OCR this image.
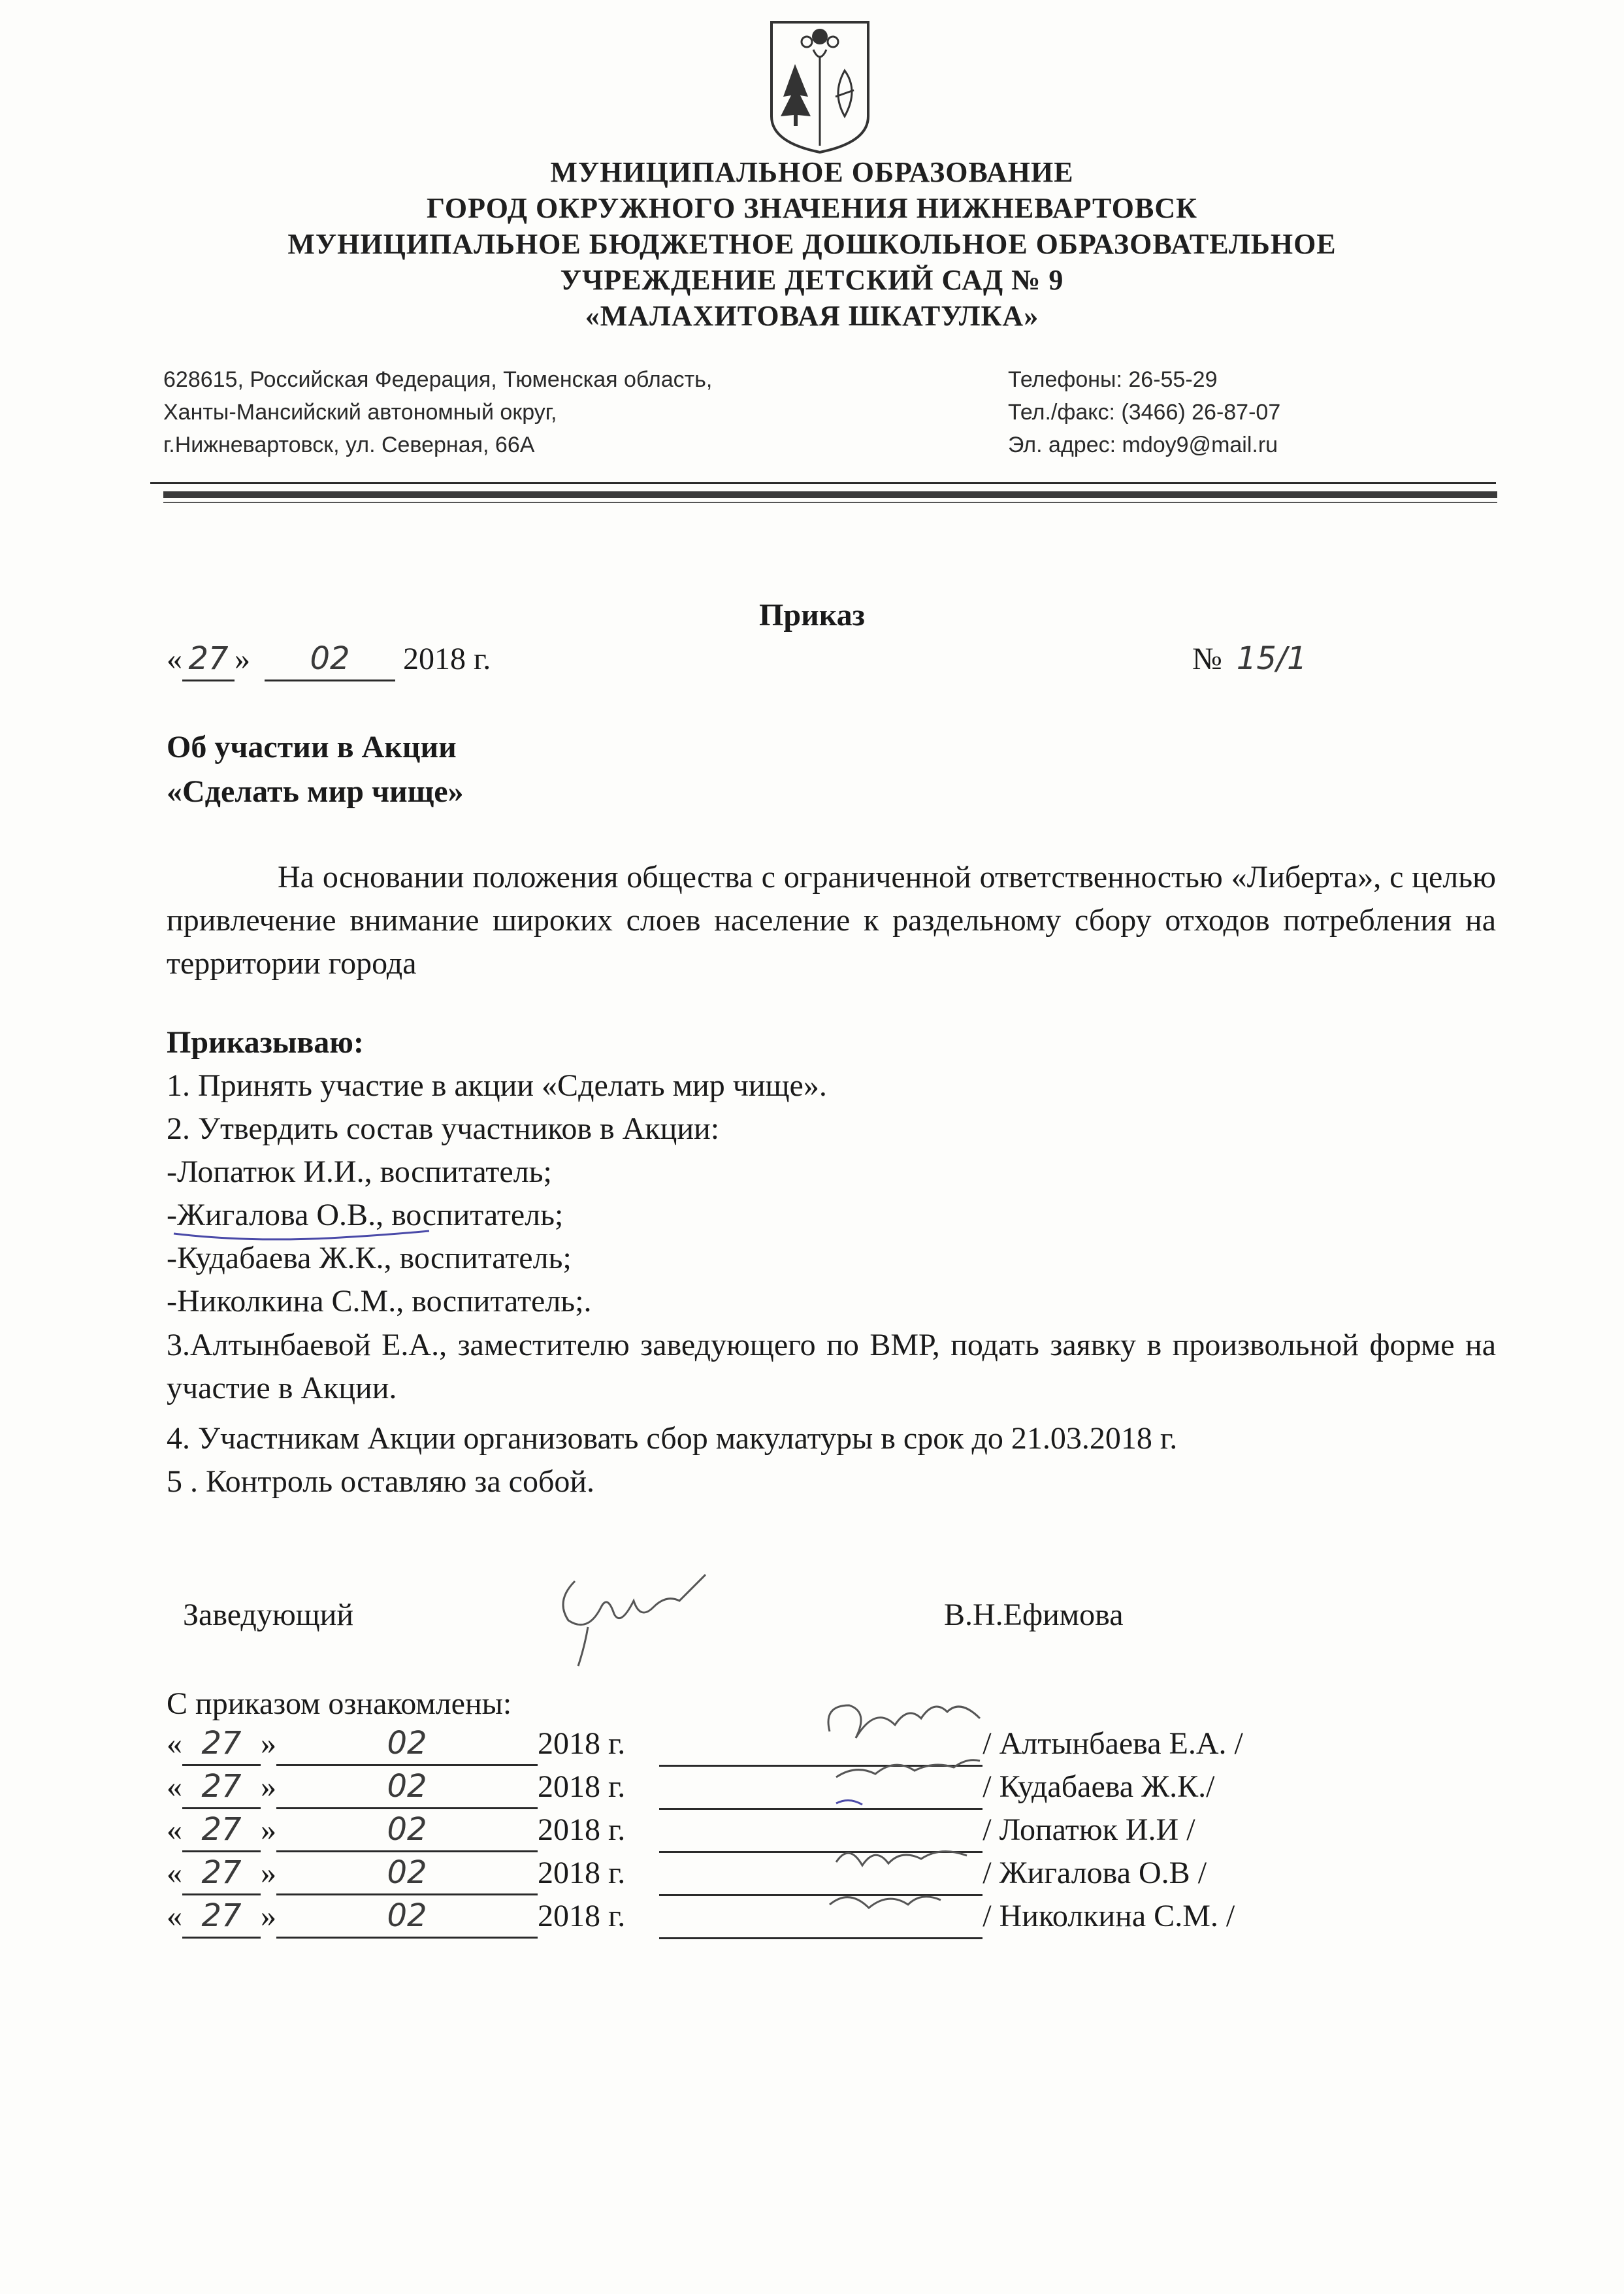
МУНИЦИПАЛЬНОЕ ОБРАЗОВАНИЕ
ГОРОД ОКРУЖНОГО ЗНАЧЕНИЯ НИЖНЕВАРТОВСК
МУНИЦИПАЛЬНОЕ БЮДЖЕТНОЕ ДОШКОЛЬНОЕ ОБРАЗОВАТЕЛЬНОЕ
УЧРЕЖДЕНИЕ ДЕТСКИЙ САД № 9
«МАЛАХИТОВАЯ ШКАТУЛКА»
628615, Российская Федерация, Тюменская область,
Ханты-Мансийский автономный округ,
г.Нижневартовск, ул. Северная, 66А
Телефоны: 26-55-29
Тел./факс: (3466) 26-87-07
Эл. адрес: mdoy9@mail.ru
Приказ
« 27 » 02 2018 г.	№ 15/1
Об участии в Акции
«Сделать мир чище»
На основании положения общества с ограниченной ответственностью «Либерта», с целью привлечение внимание широких слоев население к раздельному сбору отходов потребления на территории города
Приказываю:
1. Принять участие в акции «Сделать мир чище».
2. Утвердить состав участников в Акции:
-Лопатюк И.И., воспитатель;
-Жигалова О.В., воспитатель;
-Кудабаева Ж.К., воспитатель;
-Николкина С.М., воспитатель;.
3.Алтынбаевой Е.А., заместителю заведующего по ВМР, подать заявку в произвольной форме на участие в Акции.
4. Участникам Акции организовать сбор макулатуры в срок до 21.03.2018 г.
5 . Контроль оставляю за собой.
Заведующий	В.Н.Ефимова
С приказом ознакомлены:
« 27 »	02	2018 г.	/ Алтынбаева Е.А. /
« 27 »	02	2018 г.	/ Кудабаева Ж.К./
« 27 »	02	2018 г.	/ Лопатюк И.И /
« 27 »	02	2018 г.	/ Жигалова О.В /
« 27 »	02	2018 г.	/ Николкина С.М. /
